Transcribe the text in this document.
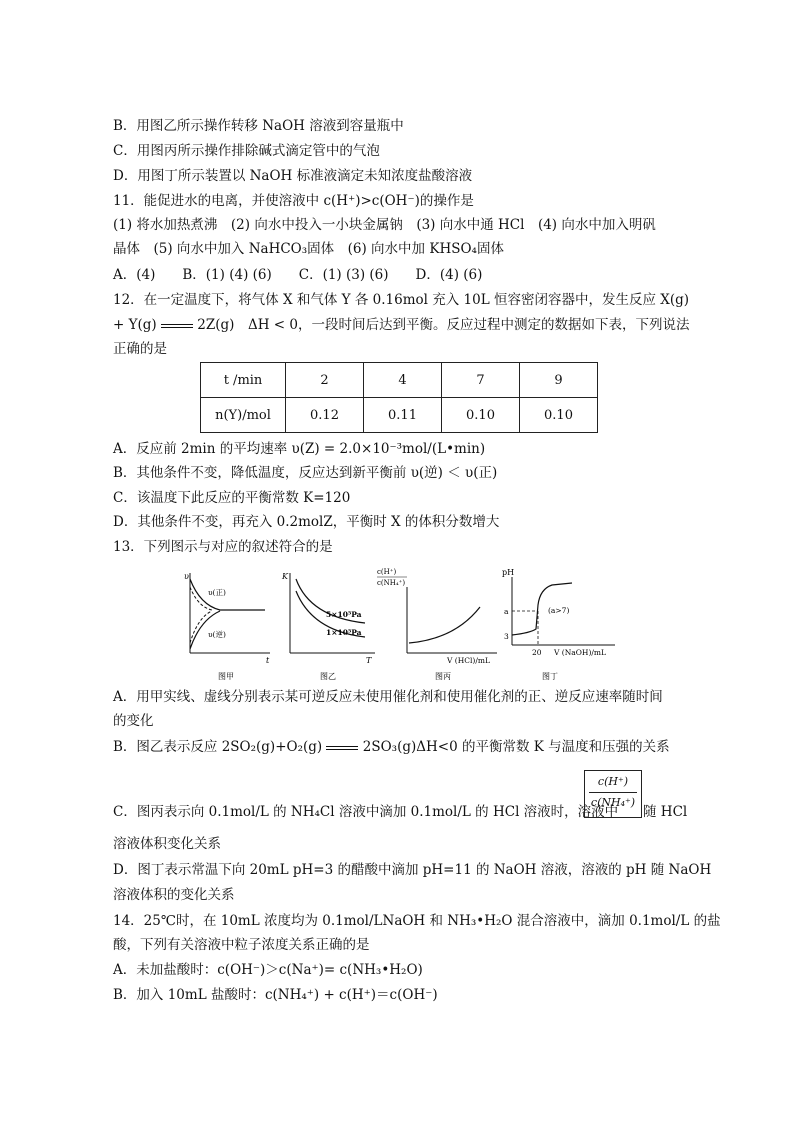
B．用图乙所示操作转移 NaOH 溶液到容量瓶中
C．用图丙所示操作排除碱式滴定管中的气泡
D．用图丁所示装置以 NaOH 标准液滴定未知浓度盐酸溶液
11．能促进水的电离，并使溶液中 c(H⁺)>c(OH⁻)的操作是
(1) 将水加热煮沸　(2) 向水中投入一小块金属钠　(3) 向水中通 HCl　(4) 向水中加入明矾
晶体　(5) 向水中加入 NaHCO₃固体　(6) 向水中加 KHSO₄固体
A．(4)　　B．(1) (4) (6)　　C．(1) (3) (6)　　D．(4) (6)
12．在一定温度下，将气体 X 和气体 Y 各 0.16mol 充入 10L 恒容密闭容器中，发生反应 X(g)
+ Y(g)	2Z(g)　ΔH < 0，一段时间后达到平衡。反应过程中测定的数据如下表，下列说法
正确的是
t /min	2	4	7	9
n(Y)/mol	0.12	0.11	0.10	0.10
A．反应前 2min 的平均速率 υ(Z) = 2.0×10⁻³mol/(L•min)
B．其他条件不变，降低温度，反应达到新平衡前 υ(逆) ＜ υ(正)
C．该温度下此反应的平衡常数 K=120
D．其他条件不变，再充入 0.2molZ，平衡时 X 的体积分数增大
13．下列图示与对应的叙述符合的是
υ
t
υ(正)
υ(逆)
图甲
K
T
5×10⁵Pa
1×10⁵Pa
图乙
c(H⁺)
c(NH₄⁺)
V (HCl)/mL
图丙
pH
a
3
20 V (NaOH)/mL
(a>7)
图丁
A．用甲实线、虚线分别表示某可逆反应未使用催化剂和使用催化剂的正、逆反应速率随时间
的变化
B．图乙表示反应 2SO₂(g)+O₂(g)	2SO₃(g)ΔH<0 的平衡常数 K 与温度和压强的关系
C．图丙表示向 0.1mol/L 的 NH₄Cl 溶液中滴加 0.1mol/L 的 HCl 溶液时，溶液中
c(H⁺)
c(NH₄⁺)
随 HCl
溶液体积变化关系
D．图丁表示常温下向 20mL pH=3 的醋酸中滴加 pH=11 的 NaOH 溶液，溶液的 pH 随 NaOH
溶液体积的变化关系
14．25℃时，在 10mL 浓度均为 0.1mol/LNaOH 和 NH₃•H₂O 混合溶液中，滴加 0.1mol/L 的盐
酸，下列有关溶液中粒子浓度关系正确的是
A．未加盐酸时：c(OH⁻)＞c(Na⁺)= c(NH₃•H₂O)
B．加入 10mL 盐酸时：c(NH₄⁺) + c(H⁺)＝c(OH⁻)
